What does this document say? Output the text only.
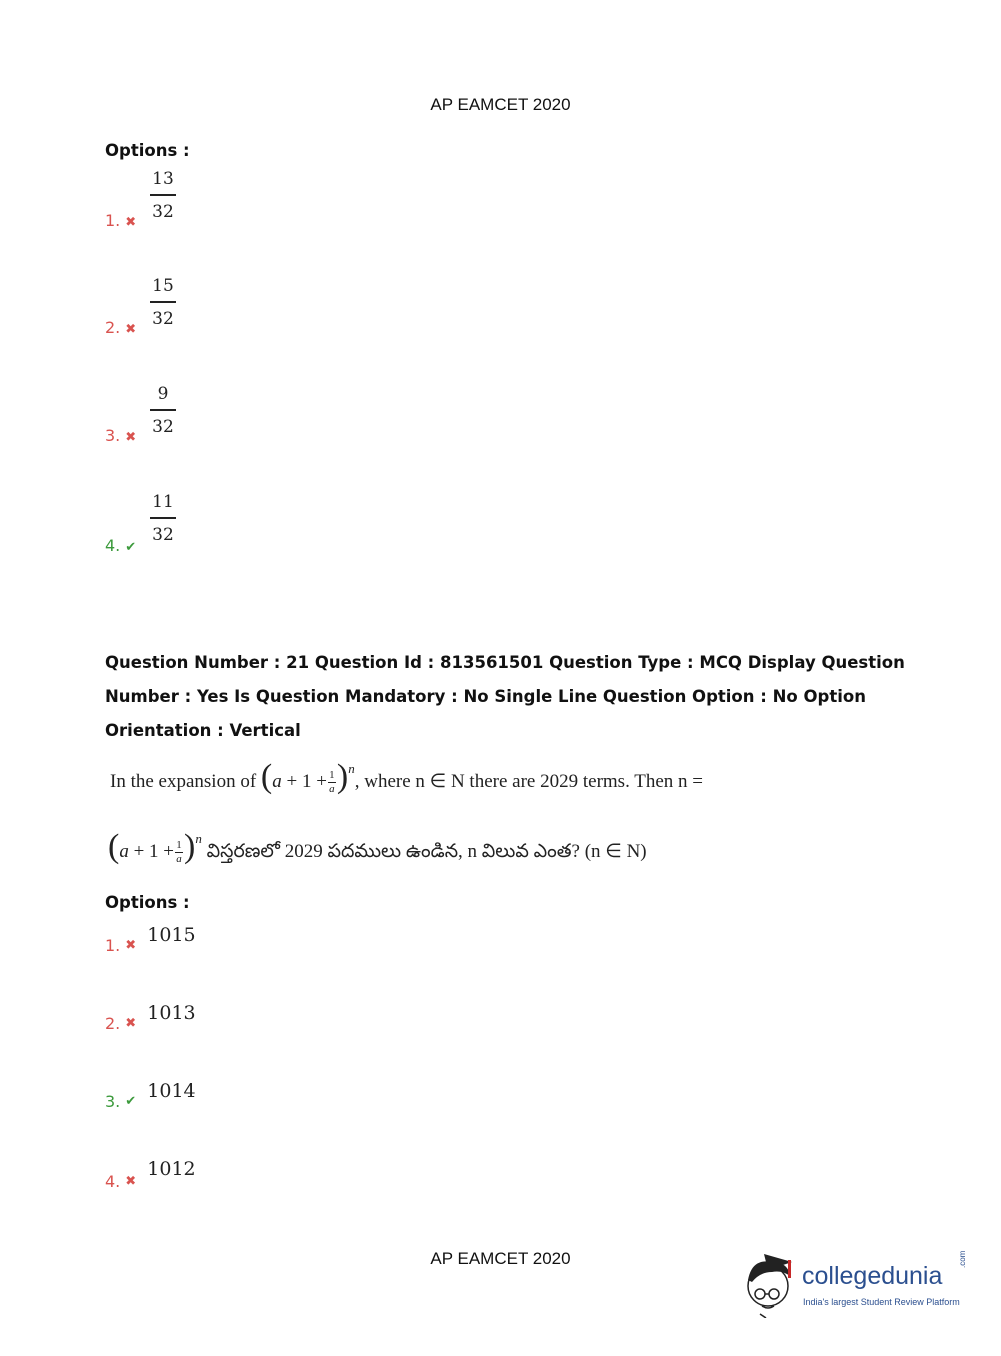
AP EAMCET 2020
Options :
13
32
1. ✖
15
32
2. ✖
9
32
3. ✖
11
32
4. ✔
Question Number : 21 Question Id : 813561501 Question Type : MCQ Display Question
Number : Yes Is Question Mandatory : No Single Line Question Option : No Option
Orientation : Vertical
In the expansion of $(a + 1 + \frac{1}{a} )^n$, where n ∈ N there are 2029 terms. Then n =
$(a + 1 + \frac{1}{a} )^n$ విస్తరణలో 2029 పదములు ఉండిన, n విలువ ఎంత? (n ∈ N)
Options :
1. $_✖$ 1015
2. $_✖$ 1013
3. $_✔$ 1014
4. $_✖$ 1012
AP EAMCET 2020
collegedunia
.com
India's largest Student Review Platform
